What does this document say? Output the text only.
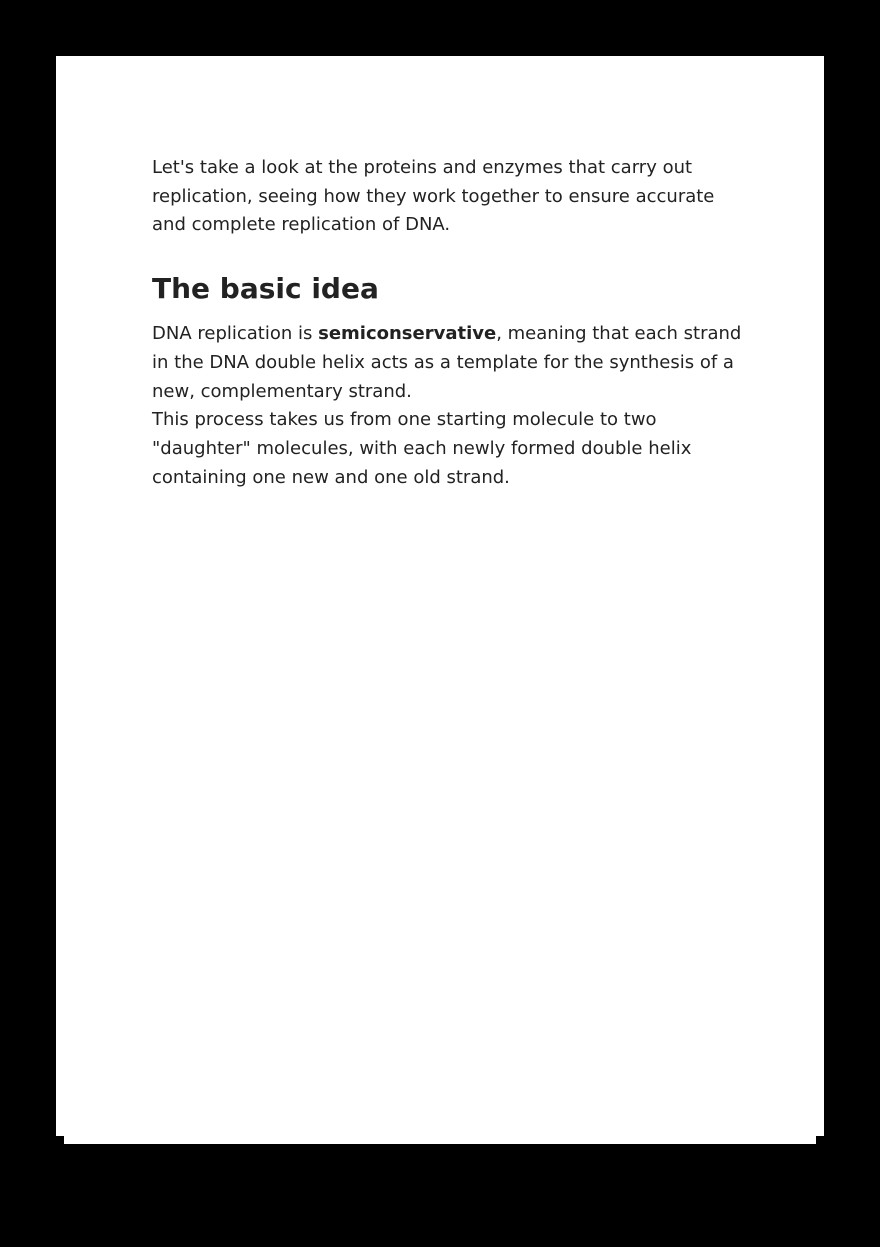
Let's take a look at the proteins and enzymes that carry out replication, seeing how they work together to ensure accurate and complete replication of DNA.

The basic idea

DNA replication is semiconservative, meaning that each strand in the DNA double helix acts as a template for the synthesis of a new, complementary strand.

This process takes us from one starting molecule to two "daughter" molecules, with each newly formed double helix containing one new and one old strand.
